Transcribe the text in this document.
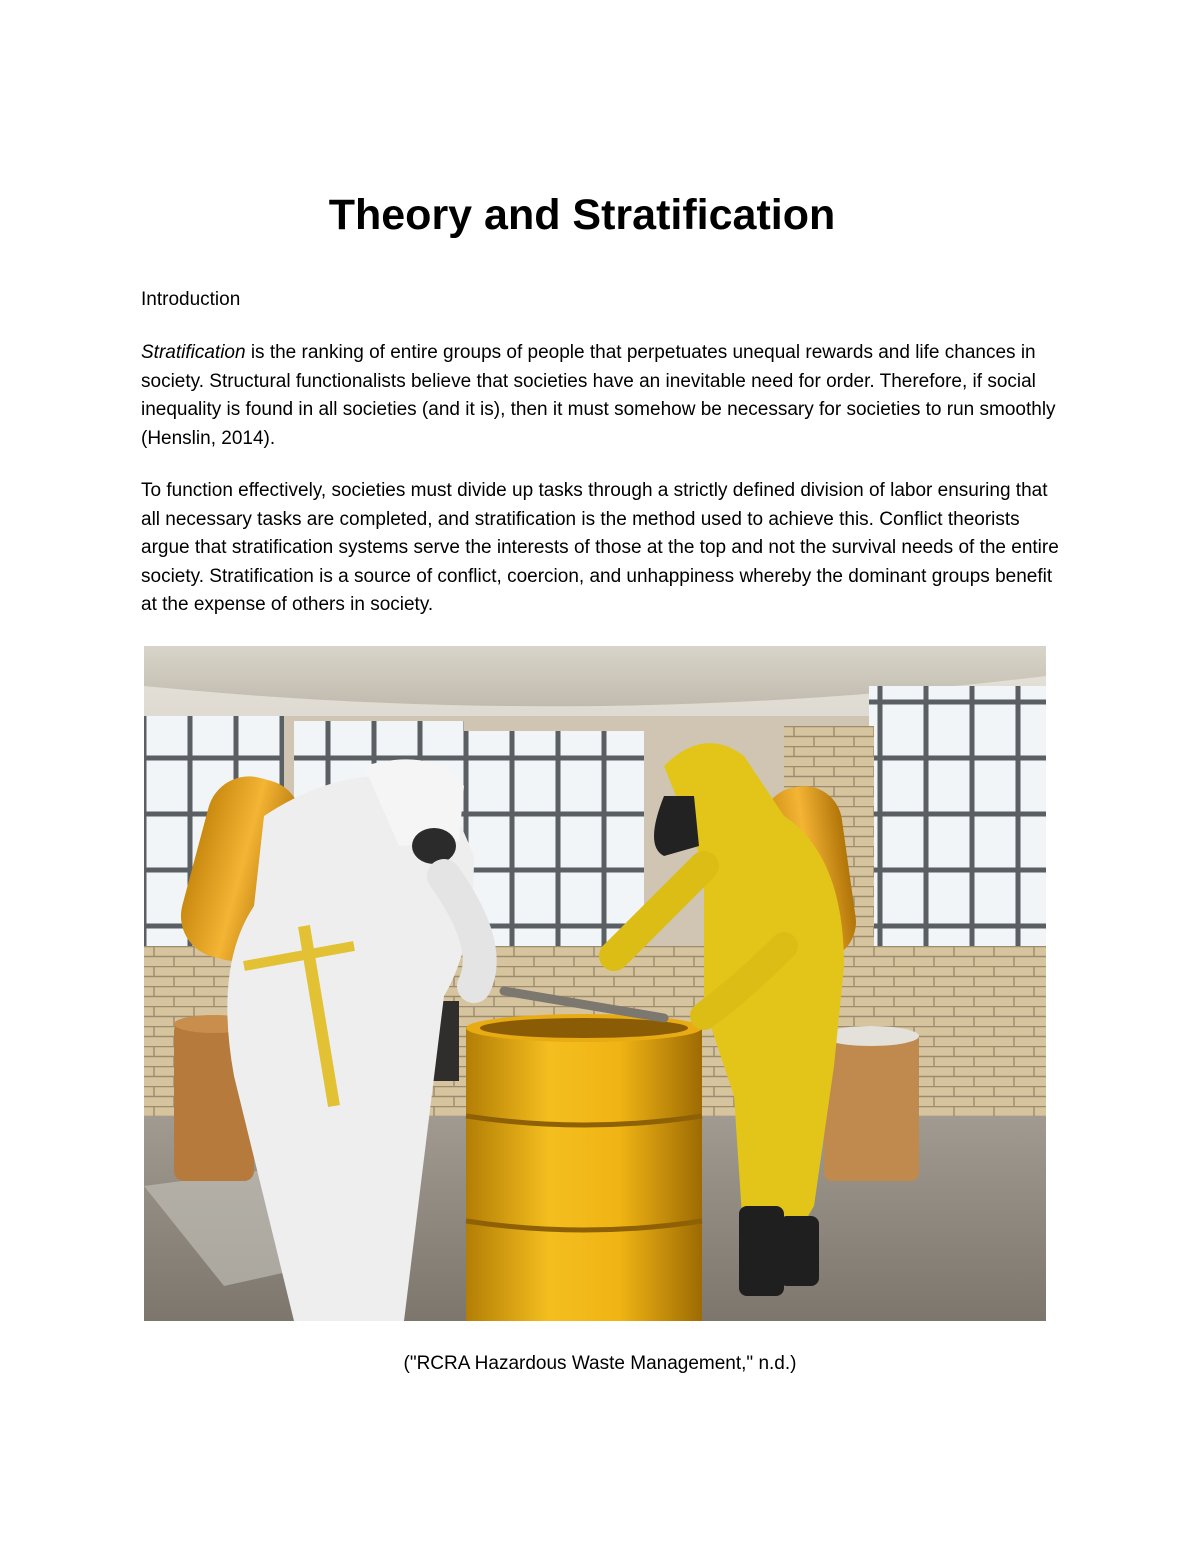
Theory and Stratification

Introduction

Stratification is the ranking of entire groups of people that perpetuates unequal rewards and life chances in society. Structural functionalists believe that societies have an inevitable need for order. Therefore, if social inequality is found in all societies (and it is), then it must somehow be necessary for societies to run smoothly (Henslin, 2014).

To function effectively, societies must divide up tasks through a strictly defined division of labor ensuring that all necessary tasks are completed, and stratification is the method used to achieve this. Conflict theorists argue that stratification systems serve the interests of those at the top and not the survival needs of the entire society. Stratification is a source of conflict, coercion, and unhappiness whereby the dominant groups benefit at the expense of others in society.

("RCRA Hazardous Waste Management," n.d.)
